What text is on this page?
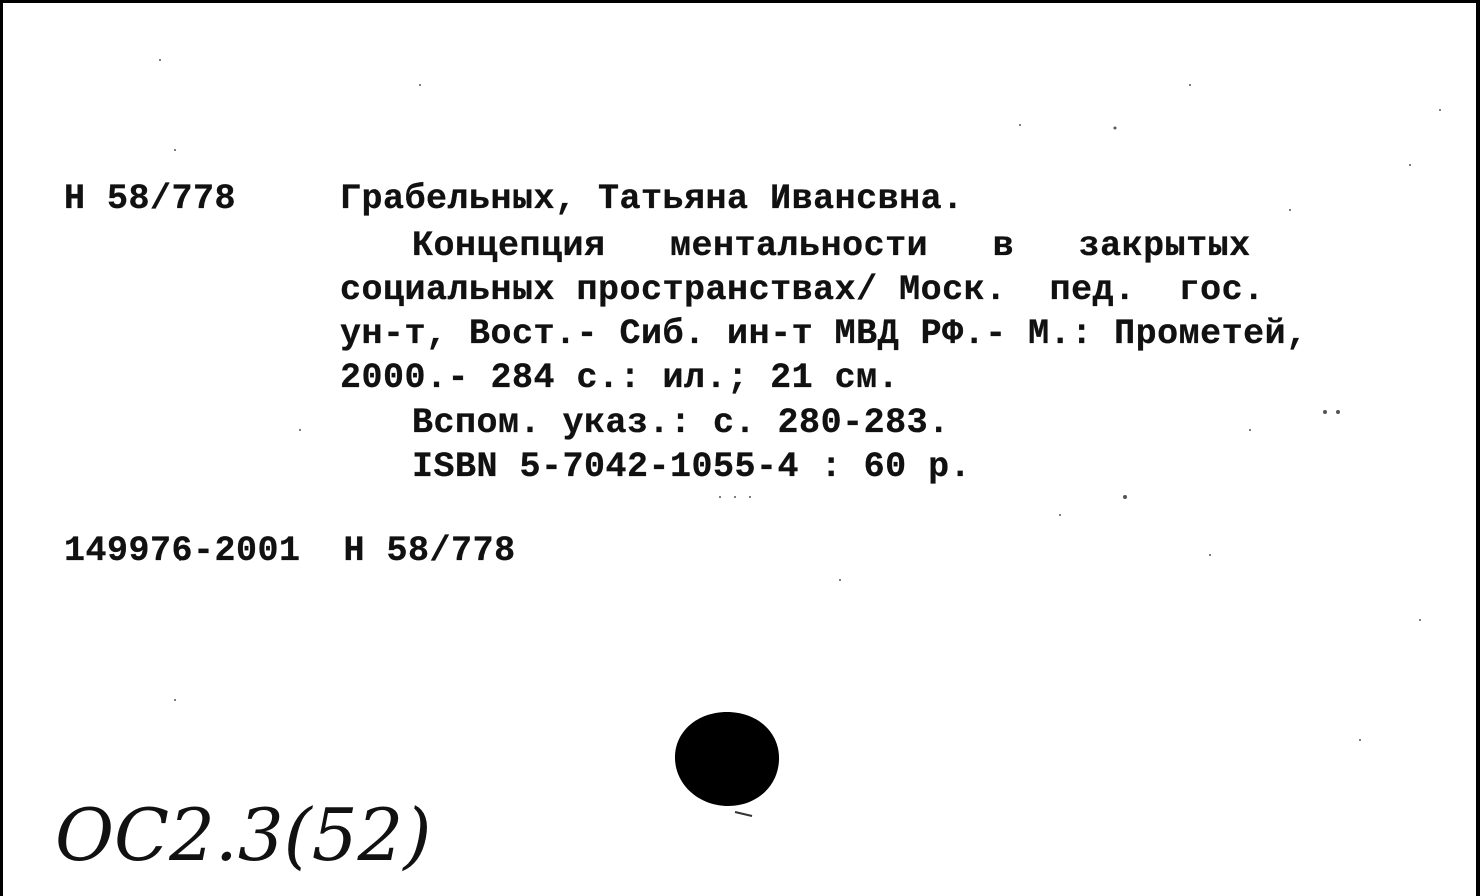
Н 58/778	Грабельных, Татьяна Ивансвна.
Концепция   ментальности   в   закрытых
социальных пространствах/ Моск.  пед.  гос.
ун-т, Вост.- Сиб. ин-т МВД РФ.- М.: Прометей,
2000.- 284 с.: ил.; 21 см.
Вспом. указ.: с. 280-283.
ISBN 5-7042-1055-4 : 60 р.
149976-2001  Н 58/778
ОС2.3(52)
